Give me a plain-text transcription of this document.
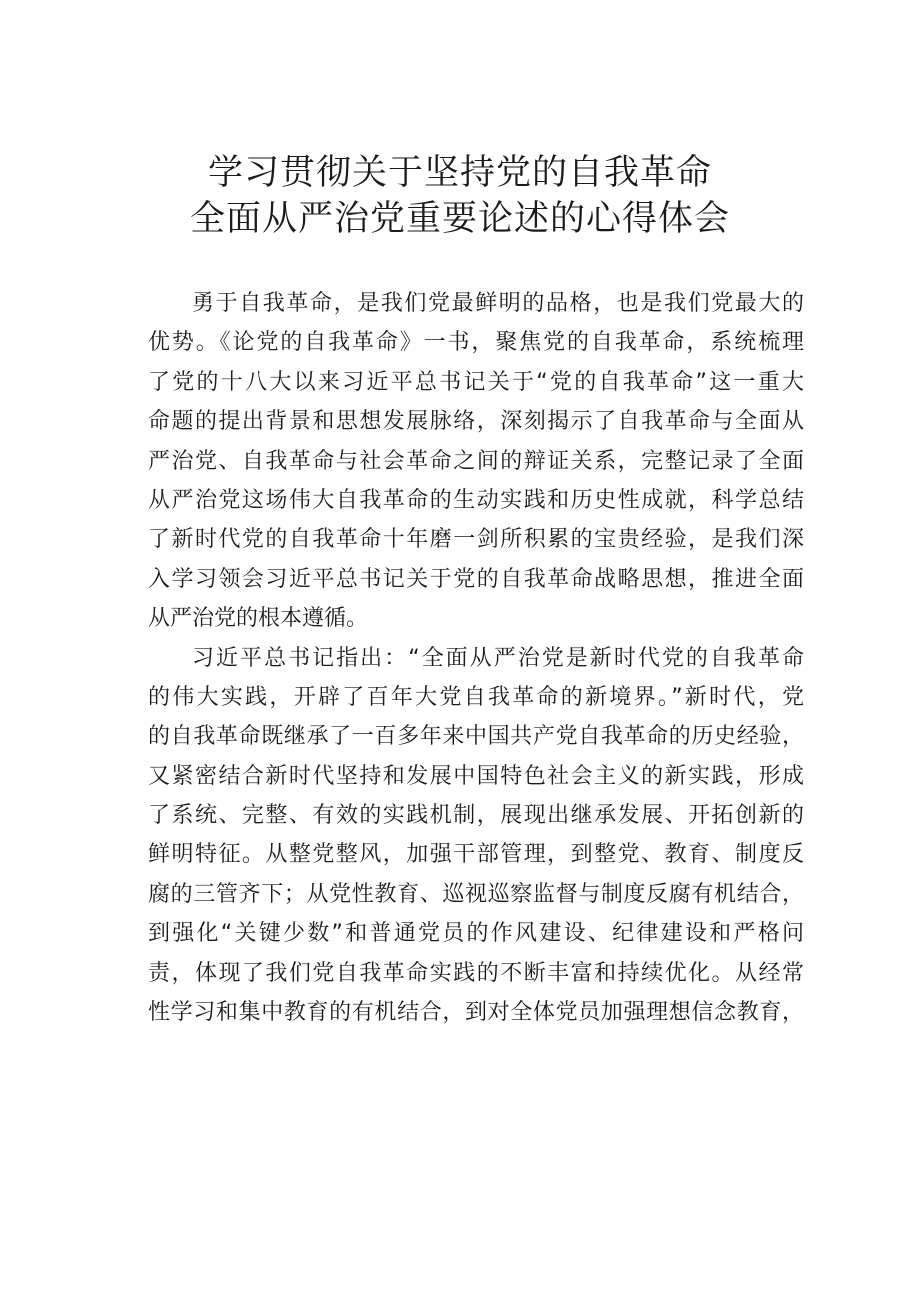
学习贯彻关于坚持党的自我革命
全面从严治党重要论述的心得体会
勇于自我革命，是我们党最鲜明的品格，也是我们党最大的
优势。《论党的自我革命》一书，聚焦党的自我革命，系统梳理
了党的十八大以来习近平总书记关于“党的自我革命”这一重大
命题的提出背景和思想发展脉络，深刻揭示了自我革命与全面从
严治党、自我革命与社会革命之间的辩证关系，完整记录了全面
从严治党这场伟大自我革命的生动实践和历史性成就，科学总结
了新时代党的自我革命十年磨一剑所积累的宝贵经验，是我们深
入学习领会习近平总书记关于党的自我革命战略思想，推进全面
从严治党的根本遵循。
习近平总书记指出：“全面从严治党是新时代党的自我革命
的伟大实践，开辟了百年大党自我革命的新境界。”新时代，党
的自我革命既继承了一百多年来中国共产党自我革命的历史经验，
又紧密结合新时代坚持和发展中国特色社会主义的新实践，形成
了系统、完整、有效的实践机制，展现出继承发展、开拓创新的
鲜明特征。从整党整风，加强干部管理，到整党、教育、制度反
腐的三管齐下；从党性教育、巡视巡察监督与制度反腐有机结合，
到强化“关键少数”和普通党员的作风建设、纪律建设和严格问
责，体现了我们党自我革命实践的不断丰富和持续优化。从经常
性学习和集中教育的有机结合，到对全体党员加强理想信念教育，
